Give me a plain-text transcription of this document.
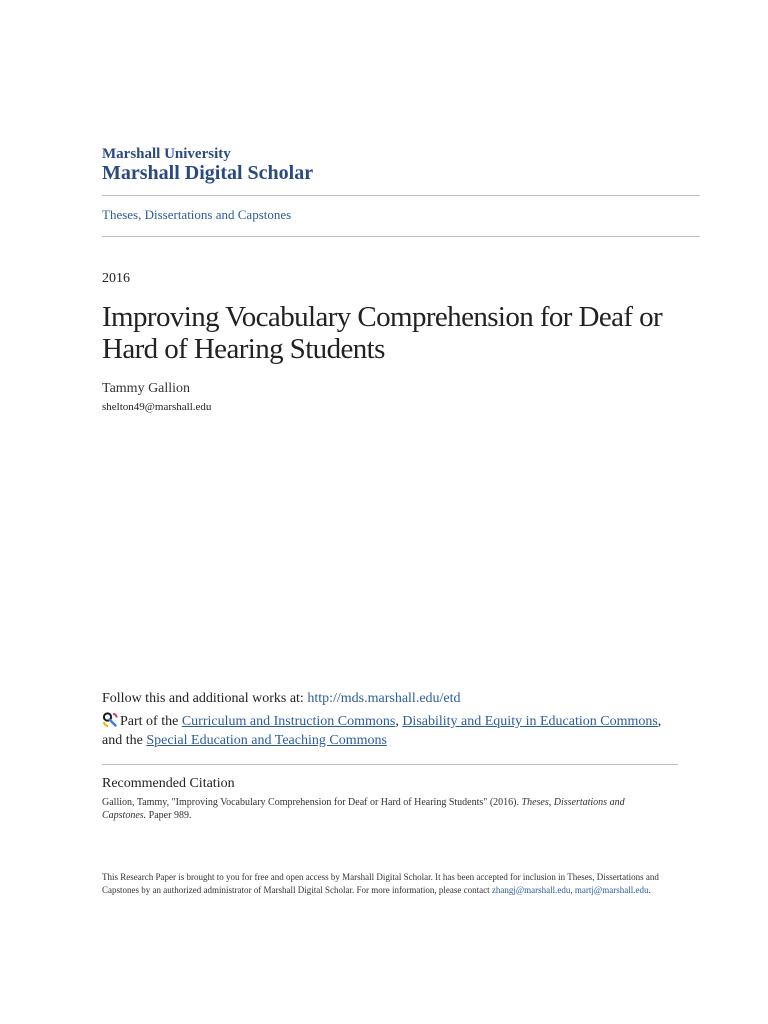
Marshall University
Marshall Digital Scholar
Theses, Dissertations and Capstones
2016
Improving Vocabulary Comprehension for Deaf or Hard of Hearing Students
Tammy Gallion
shelton49@marshall.edu
Follow this and additional works at: http://mds.marshall.edu/etd
Part of the Curriculum and Instruction Commons, Disability and Equity in Education Commons, and the Special Education and Teaching Commons
Recommended Citation
Gallion, Tammy, "Improving Vocabulary Comprehension for Deaf or Hard of Hearing Students" (2016). Theses, Dissertations and Capstones. Paper 989.
This Research Paper is brought to you for free and open access by Marshall Digital Scholar. It has been accepted for inclusion in Theses, Dissertations and Capstones by an authorized administrator of Marshall Digital Scholar. For more information, please contact zhangj@marshall.edu, martj@marshall.edu.
